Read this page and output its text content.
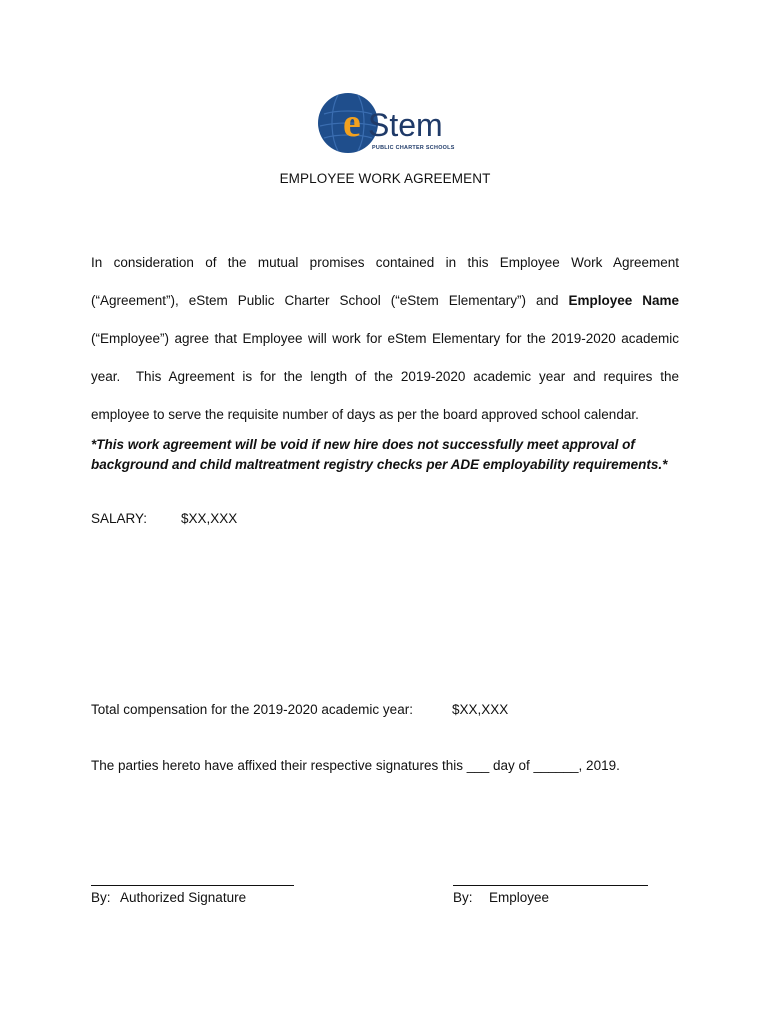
e Stem
PUBLIC CHARTER SCHOOLS
EMPLOYEE WORK AGREEMENT

In consideration of the mutual promises contained in this Employee Work Agreement (“Agreement”), eStem Public Charter School (“eStem Elementary”) and Employee Name (“Employee”) agree that Employee will work for eStem Elementary for the 2019-2020 academic year.  This Agreement is for the length of the 2019-2020 academic year and requires the employee to serve the requisite number of days as per the board approved school calendar.

*This work agreement will be void if new hire does not successfully meet approval of background and child maltreatment registry checks per ADE employability requirements.*

SALARY:	$XX,XXX
Total compensation for the 2019-2020 academic year:	$XX,XXX
The parties hereto have affixed their respective signatures this ___ day of ______, 2019.
By: Authorized Signature	By: Employee
